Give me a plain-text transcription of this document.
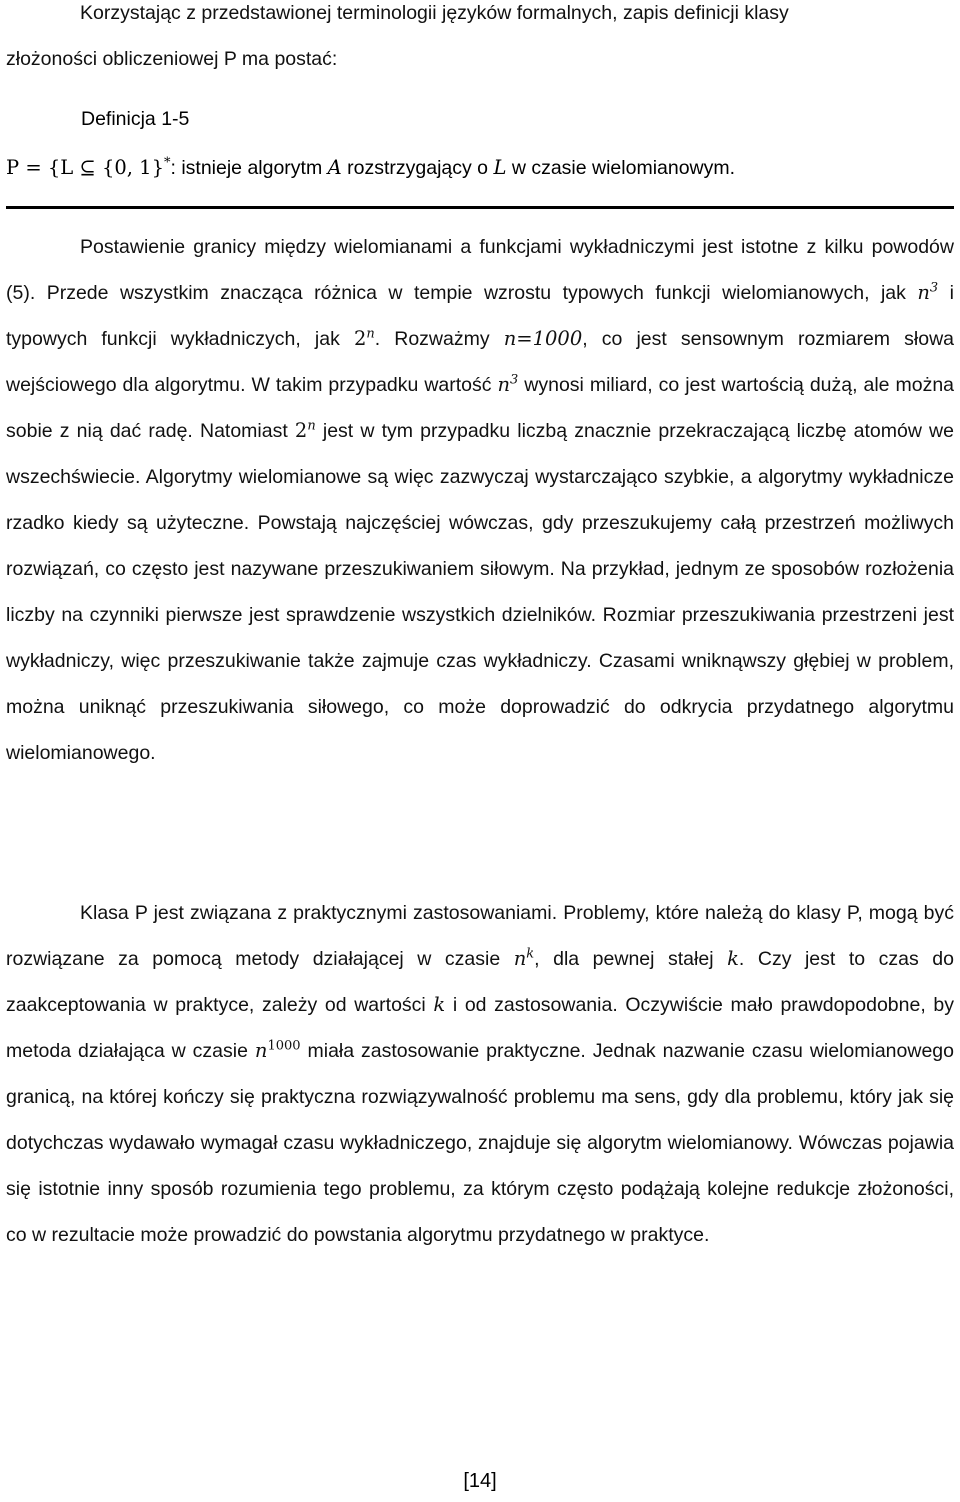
Korzystając z przedstawionej terminologii języków formalnych, zapis definicji klasy
złożoności obliczeniowej P ma postać:

Definicja 1-5

P = {L ⊆ {0, 1}*: istnieje algorytm A rozstrzygający o L w czasie wielomianowym.

Postawienie granicy między wielomianami a funkcjami wykładniczymi jest istotne z kilku powodów (5). Przede wszystkim znacząca różnica w tempie wzrostu typowych funkcji wielomianowych, jak $n^3$ i typowych funkcji wykładniczych, jak 2$^n$. Rozważmy n=1000, co jest sensownym rozmiarem słowa wejściowego dla algorytmu. W takim przypadku wartość $n^3$ wynosi miliard, co jest wartością dużą, ale można sobie z nią dać radę. Natomiast 2$^n$ jest w tym przypadku liczbą znacznie przekraczającą liczbę atomów we wszechświecie. Algorytmy wielomianowe są więc zazwyczaj wystarczająco szybkie, a algorytmy wykładnicze rzadko kiedy są użyteczne. Powstają najczęściej wówczas, gdy przeszukujemy całą przestrzeń możliwych rozwiązań, co często jest nazywane przeszukiwaniem siłowym. Na przykład, jednym ze sposobów rozłożenia liczby na czynniki pierwsze jest sprawdzenie wszystkich dzielników. Rozmiar przeszukiwania przestrzeni jest wykładniczy, więc przeszukiwanie także zajmuje czas wykładniczy. Czasami wniknąwszy głębiej w problem, można uniknąć przeszukiwania siłowego, co może doprowadzić do odkrycia przydatnego algorytmu wielomianowego.

Klasa P jest związana z praktycznymi zastosowaniami. Problemy, które należą do klasy P, mogą być rozwiązane za pomocą metody działającej w czasie $n^k$, dla pewnej stałej k. Czy jest to czas do zaakceptowania w praktyce, zależy od wartości k i od zastosowania. Oczywiście mało prawdopodobne, by metoda działająca w czasie $n^{1000}$ miała zastosowanie praktyczne. Jednak nazwanie czasu wielomianowego granicą, na której kończy się praktyczna rozwiązywalność problemu ma sens, gdy dla problemu, który jak się dotychczas wydawało wymagał czasu wykładniczego, znajduje się algorytm wielomianowy. Wówczas pojawia się istotnie inny sposób rozumienia tego problemu, za którym często podążają kolejne redukcje złożoności, co w rezultacie może prowadzić do powstania algorytmu przydatnego w praktyce.

[14]
